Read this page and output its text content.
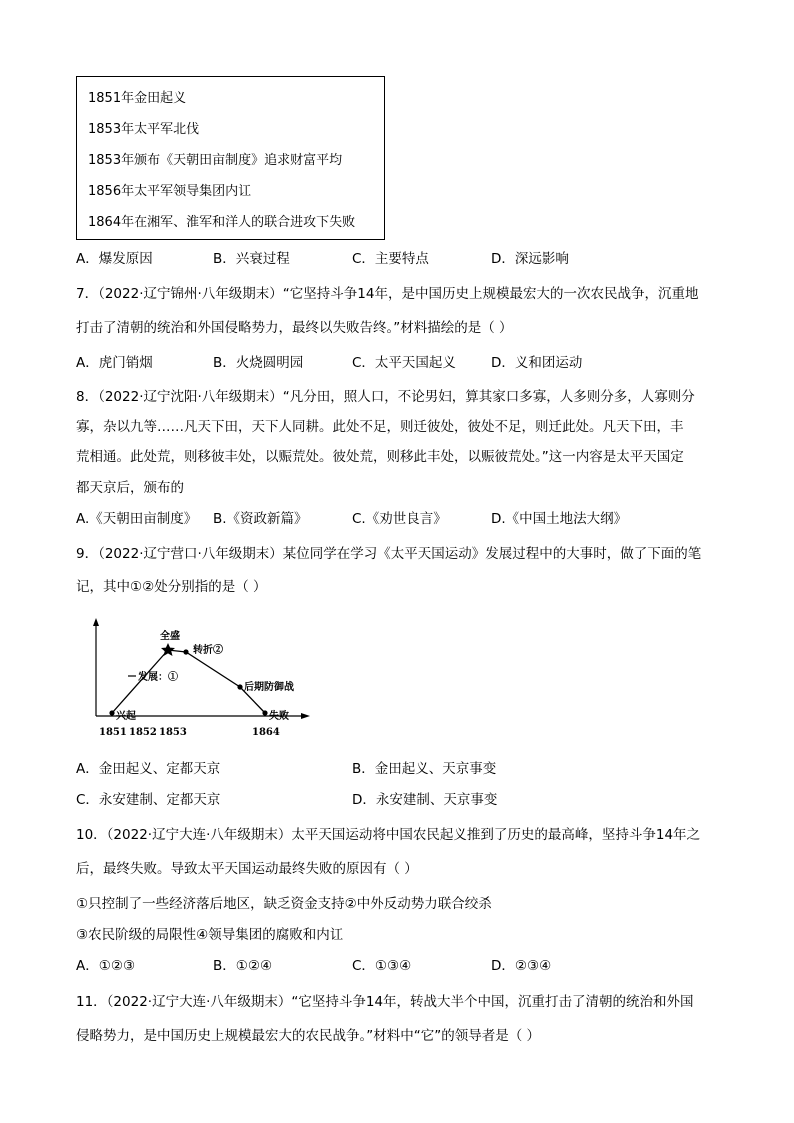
1851年金田起义
1853年太平军北伐
1853年颁布《天朝田亩制度》追求财富平均
1856年太平军领导集团内讧
1864年在湘军、淮军和洋人的联合进攻下失败
A．爆发原因	B．兴衰过程	C．主要特点	D．深远影响
7．（2022·辽宁锦州·八年级期末）“它坚持斗争14年，是中国历史上规模最宏大的一次农民战争，沉重地
打击了清朝的统治和外国侵略势力，最终以失败告终。”材料描绘的是（ ）
A．虎门销烟	B．火烧圆明园	C．太平天国起义	D．义和团运动
8．（2022·辽宁沈阳·八年级期末）“凡分田，照人口，不论男妇，算其家口多寡，人多则分多，人寡则分
寡，杂以九等……凡天下田，天下人同耕。此处不足，则迁彼处，彼处不足，则迁此处。凡天下田，丰
荒相通。此处荒，则移彼丰处，以赈荒处。彼处荒，则移此丰处，以赈彼荒处。”这一内容是太平天国定
都天京后，颁布的
A.《天朝田亩制度》 B.《资政新篇》	C.《劝世良言》	D.《中国土地法大纲》
9．（2022·辽宁营口·八年级期末）某位同学在学习《太平天国运动》发展过程中的大事时，做了下面的笔
记，其中①②处分别指的是（ ）
全盛
转折②
发展：①
后期防御战
兴起	失败
1851 1852 1853	1864
A．金田起义、定都天京	B．金田起义、天京事变
C．永安建制、定都天京	D．永安建制、天京事变
10．（2022·辽宁大连·八年级期末）太平天国运动将中国农民起义推到了历史的最高峰，坚持斗争14年之
后，最终失败。导致太平天国运动最终失败的原因有（ ）
①只控制了一些经济落后地区，缺乏资金支持②中外反动势力联合绞杀
③农民阶级的局限性④领导集团的腐败和内讧
A．①②③	B．①②④	C．①③④	D．②③④
11．（2022·辽宁大连·八年级期末）“它坚持斗争14年，转战大半个中国，沉重打击了清朝的统治和外国
侵略势力，是中国历史上规模最宏大的农民战争。”材料中“它”的领导者是（ ）
